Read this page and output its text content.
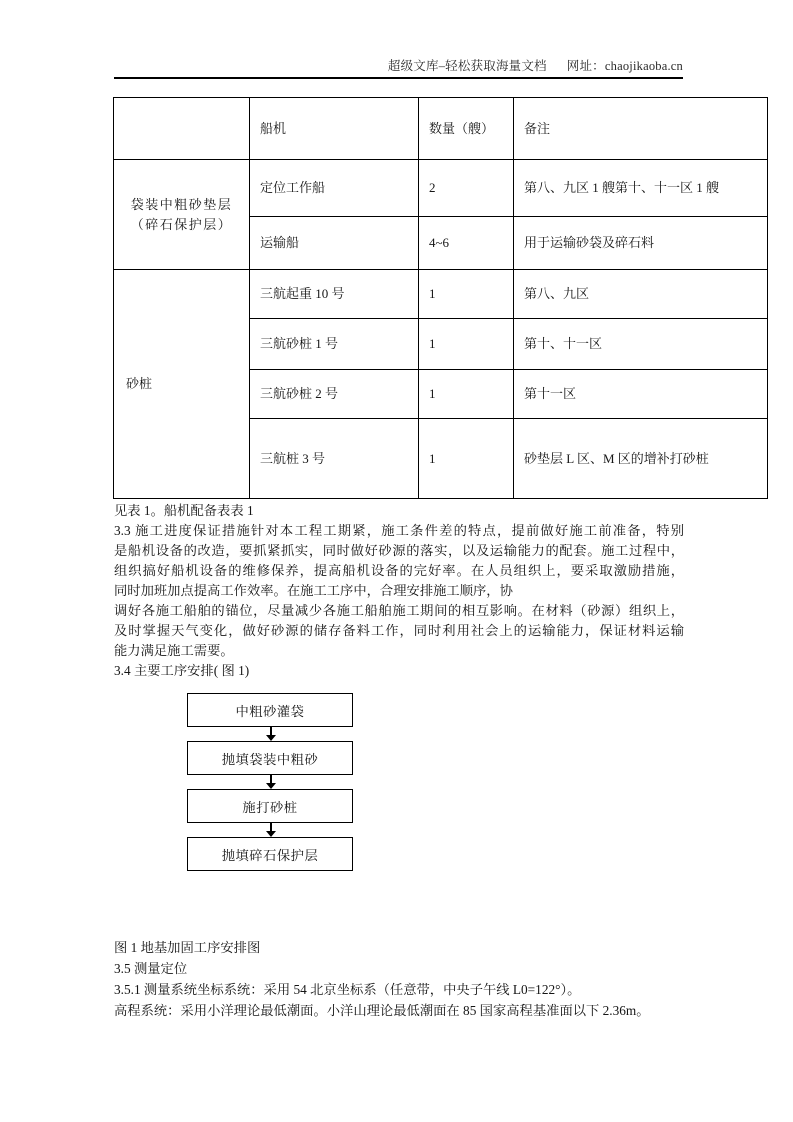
超级文库–轻松获取海量文档 网址：chaojikaoba.cn
	船机	数量（艘）	备注

袋装中粗砂垫层
（碎石保护层）	定位工作船	2	第八、九区 1 艘第十、十一区 1 艘
	运输船	4~6	用于运输砂袋及碎石料
砂桩	三航起重 10 号	1	第八、九区
	三航砂桩 1 号	1	第十、十一区
	三航砂桩 2 号	1	第十一区
	三航桩 3 号	1	砂垫层 L 区、M 区的增补打砂桩

见表 1。船机配备表表 1

3.3 施工进度保证措施针对本工程工期紧，施工条件差的特点，提前做好施工前准备，特别
是船机设备的改造，要抓紧抓实，同时做好砂源的落实，以及运输能力的配套。施工过程中，
组织搞好船机设备的维修保养，提高船机设备的完好率。在人员组织上，要采取激励措施，
同时加班加点提高工作效率。在施工工序中，合理安排施工顺序，协
调好各施工船舶的锚位，尽量减少各施工船舶施工期间的相互影响。在材料（砂源）组织上，
及时掌握天气变化，做好砂源的储存备料工作，同时利用社会上的运输能力，保证材料运输
能力满足施工需要。

3.4 主要工序安排( 图 1)

中粗砂灌袋
抛填袋装中粗砂
施打砂桩
抛填碎石保护层
图 1 地基加固工序安排图
3.5 测量定位
3.5.1 测量系统坐标系统：采用 54 北京坐标系（任意带，中央子午线 L0=122°）。
高程系统：采用小洋理论最低潮面。小洋山理论最低潮面在 85 国家高程基准面以下 2.36m。
